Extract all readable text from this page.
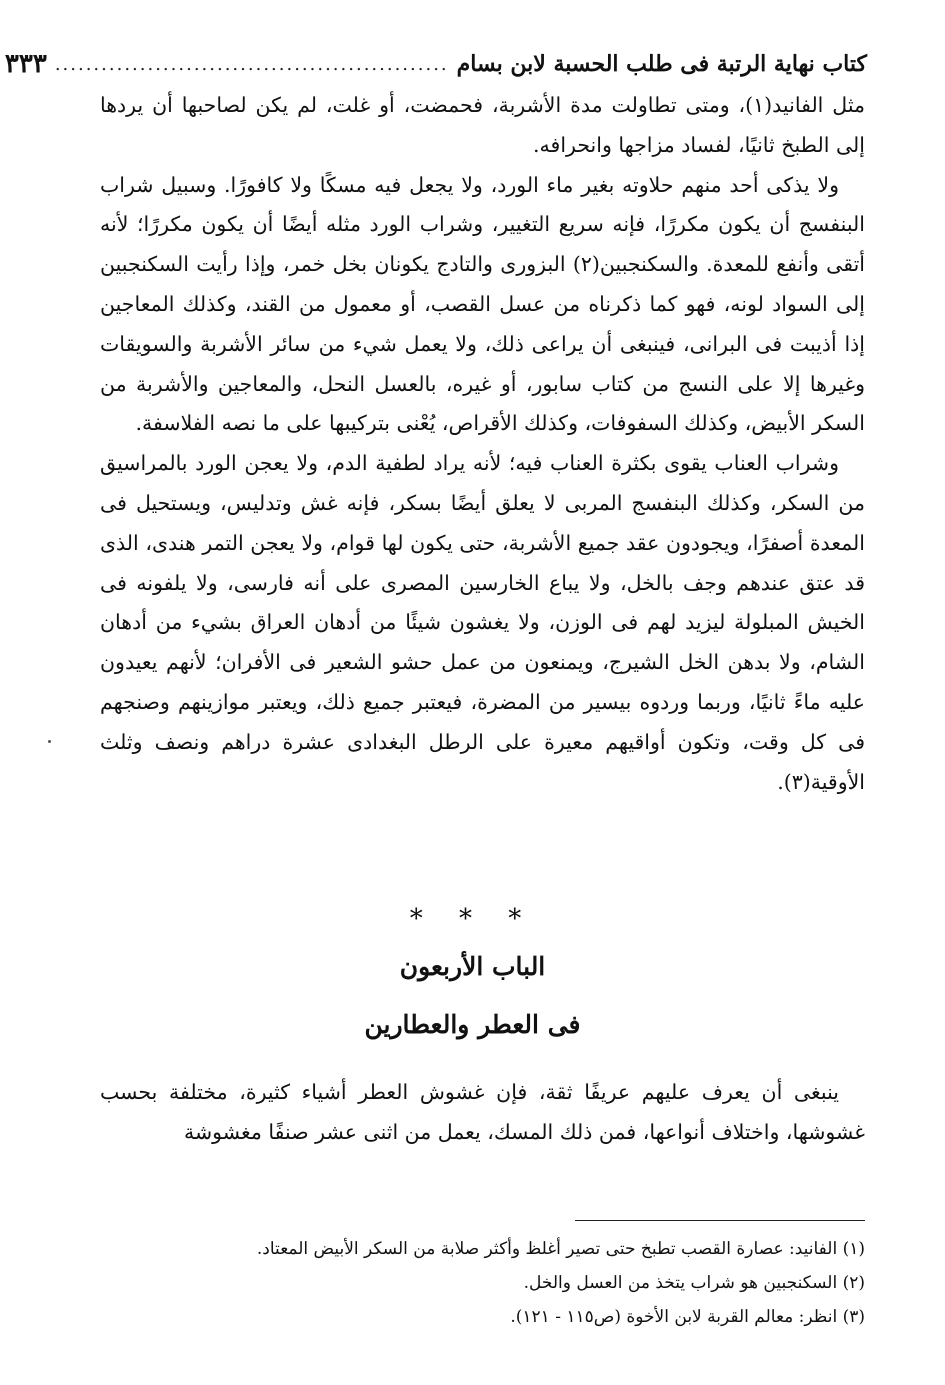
كتاب نهاية الرتبة فى طلب الحسبة لابن بسام
...................................................
٣٣٣

مثل الفانيد(١)، ومتى تطاولت مدة الأشربة، فحمضت، أو غلت، لم يكن لصاحبها أن يردها إلى الطبخ ثانيًا، لفساد مزاجها وانحرافه.

ولا يذكى أحد منهم حلاوته بغير ماء الورد، ولا يجعل فيه مسكًا ولا كافورًا. وسبيل شراب البنفسج أن يكون مكررًا، فإنه سريع التغيير، وشراب الورد مثله أيضًا أن يكون مكررًا؛ لأنه أتقى وأنفع للمعدة. والسكنجبين(٢) البزورى والتادج يكونان بخل خمر، وإذا رأيت السكنجبين إلى السواد لونه، فهو كما ذكرناه من عسل القصب، أو معمول من القند، وكذلك المعاجين إذا أذيبت فى البرانى، فينبغى أن يراعى ذلك، ولا يعمل شيء من سائر الأشربة والسويقات وغيرها إلا على النسج من كتاب سابور، أو غيره، بالعسل النحل، والمعاجين والأشربة من السكر الأبيض، وكذلك السفوفات، وكذلك الأقراص، يُعْنى بتركيبها على ما نصه الفلاسفة.

وشراب العناب يقوى بكثرة العناب فيه؛ لأنه يراد لطفية الدم، ولا يعجن الورد بالمراسيق من السكر، وكذلك البنفسج المربى لا يعلق أيضًا بسكر، فإنه غش وتدليس، ويستحيل فى المعدة أصفرًا، ويجودون عقد جميع الأشربة، حتى يكون لها قوام، ولا يعجن التمر هندى، الذى قد عتق عندهم وجف بالخل، ولا يباع الخارسين المصرى على أنه فارسى، ولا يلفونه فى الخيش المبلولة ليزيد لهم فى الوزن، ولا يغشون شيئًا من أدهان العراق بشيء من أدهان الشام، ولا بدهن الخل الشيرج، ويمنعون من عمل حشو الشعير فى الأفران؛ لأنهم يعيدون عليه ماءً ثانيًا، وربما وردوه بيسير من المضرة، فيعتبر جميع ذلك، ويعتبر موازينهم وصنجهم فى كل وقت، وتكون أواقيهم معيرة على الرطل البغدادى عشرة دراهم ونصف وثلث الأوقية(٣).

* * *
الباب الأربعون
فى العطر والعطارين

ينبغى أن يعرف عليهم عريفًا ثقة، فإن غشوش العطر أشياء كثيرة، مختلفة بحسب غشوشها، واختلاف أنواعها، فمن ذلك المسك، يعمل من اثنى عشر صنفًا مغشوشة

(١) الفانيد: عصارة القصب تطبخ حتى تصير أغلظ وأكثر صلابة من السكر الأبيض المعتاد.

(٢) السكنجبين هو شراب يتخذ من العسل والخل.

(٣) انظر: معالم القربة لابن الأخوة (ص١١٥ - ١٢١).
